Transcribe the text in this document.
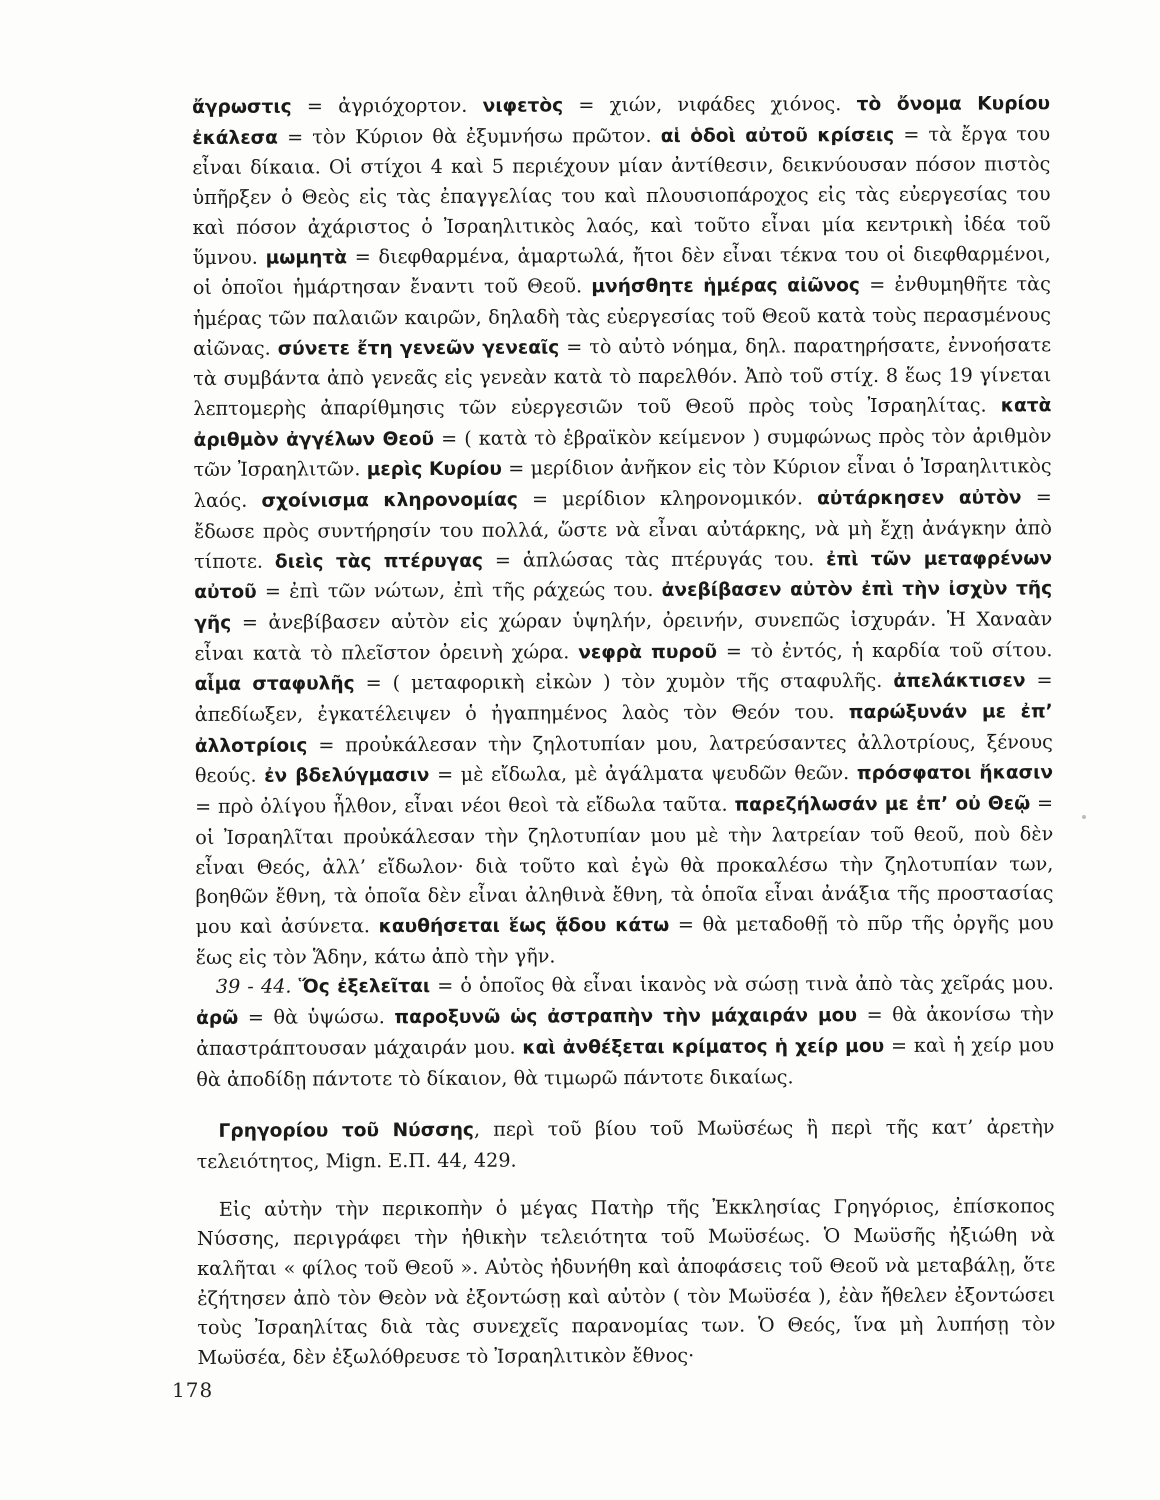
ἄγρωστις = ἀγριόχορτον. νιφετὸς = χιών, νιφάδες χιόνος. τὸ ὄνομα Κυρίου ἐκάλεσα = τὸν Κύριον θὰ ἐξυμνήσω πρῶτον. αἱ ὁδοὶ αὐτοῦ κρίσεις = τὰ ἔργα του εἶναι δίκαια. Οἱ στίχοι 4 καὶ 5 περιέχουν μίαν ἀντίθεσιν, δεικνύουσαν πόσον πιστὸς ὑπῆρξεν ὁ Θεὸς εἰς τὰς ἐπαγγελίας του καὶ πλουσιοπάροχος εἰς τὰς εὐεργεσίας του καὶ πόσον ἀχάριστος ὁ Ἰσραηλιτικὸς λαός, καὶ τοῦτο εἶναι μία κεντρικὴ ἰδέα τοῦ ὕμνου. μωμητὰ = διεφθαρμένα, ἁμαρτωλά, ἤτοι δὲν εἶναι τέκνα του οἱ διεφθαρμένοι, οἱ ὁποῖοι ἡμάρτησαν ἔναντι τοῦ Θεοῦ. μνήσθητε ἡμέρας αἰῶνος = ἐνθυμηθῆτε τὰς ἡμέρας τῶν παλαιῶν καιρῶν, δηλαδὴ τὰς εὐεργεσίας τοῦ Θεοῦ κατὰ τοὺς περασμένους αἰῶνας. σύνετε ἔτη γενεῶν γενεαῖς = τὸ αὐτὸ νόημα, δηλ. παρατηρήσατε, ἐννοήσατε τὰ συμβάντα ἀπὸ γενεᾶς εἰς γενεὰν κατὰ τὸ παρελθόν. Ἀπὸ τοῦ στίχ. 8 ἕως 19 γίνεται λεπτομερὴς ἀπαρίθμησις τῶν εὐεργεσιῶν τοῦ Θεοῦ πρὸς τοὺς Ἰσραηλίτας. κατὰ ἀριθμὸν ἀγγέλων Θεοῦ = ( κατὰ τὸ ἑβραϊκὸν κείμενον ) συμφώνως πρὸς τὸν ἀριθμὸν τῶν Ἰσραηλιτῶν. μερὶς Κυρίου = μερίδιον ἀνῆκον εἰς τὸν Κύριον εἶναι ὁ Ἰσραηλιτικὸς λαός. σχοίνισμα κληρονομίας = μερίδιον κληρονομικόν. αὐτάρκησεν αὐτὸν = ἔδωσε πρὸς συντήρησίν του πολλά, ὥστε νὰ εἶναι αὐτάρκης, νὰ μὴ ἔχῃ ἀνάγκην ἀπὸ τίποτε. διεὶς τὰς πτέρυγας = ἁπλώσας τὰς πτέρυγάς του. ἐπὶ τῶν μεταφρένων αὐτοῦ = ἐπὶ τῶν νώτων, ἐπὶ τῆς ράχεώς του. ἀνεβίβασεν αὐτὸν ἐπὶ τὴν ἰσχὺν τῆς γῆς = ἀνεβίβασεν αὐτὸν εἰς χώραν ὑψηλήν, ὀρεινήν, συνεπῶς ἰσχυράν. Ἡ Χαναὰν εἶναι κατὰ τὸ πλεῖστον ὀρεινὴ χώρα. νεφρὰ πυροῦ = τὸ ἐντός, ἡ καρδία τοῦ σίτου. αἷμα σταφυλῆς = ( μεταφορικὴ εἰκὼν ) τὸν χυμὸν τῆς σταφυλῆς. ἀπελάκτισεν = ἀπεδίωξεν, ἐγκατέλειψεν ὁ ἠγαπημένος λαὸς τὸν Θεόν του. παρώξυνάν με ἐπ’ ἀλλοτρίοις = προὐκάλεσαν τὴν ζηλοτυπίαν μου, λατρεύσαντες ἀλλοτρίους, ξένους θεούς. ἐν βδελύγμασιν = μὲ εἴδωλα, μὲ ἀγάλματα ψευδῶν θεῶν. πρόσφατοι ἥκασιν = πρὸ ὀλίγου ἦλθον, εἶναι νέοι θεοὶ τὰ εἴδωλα ταῦτα. παρεζήλωσάν με ἐπ’ οὐ Θεῷ = οἱ Ἰσραηλῖται προὐκάλεσαν τὴν ζηλοτυπίαν μου μὲ τὴν λατρείαν τοῦ θεοῦ, ποὺ δὲν εἶναι Θεός, ἀλλ’ εἴδωλον· διὰ τοῦτο καὶ ἐγὼ θὰ προκαλέσω τὴν ζηλοτυπίαν των, βοηθῶν ἔθνη, τὰ ὁποῖα δὲν εἶναι ἀληθινὰ ἔθνη, τὰ ὁποῖα εἶναι ἀνάξια τῆς προστασίας μου καὶ ἀσύνετα. καυθήσεται ἕως ᾅδου κάτω = θὰ μεταδοθῇ τὸ πῦρ τῆς ὀργῆς μου ἕως εἰς τὸν Ἅδην, κάτω ἀπὸ τὴν γῆν.

39 - 44. Ὅς ἐξελεῖται = ὁ ὁποῖος θὰ εἶναι ἱκανὸς νὰ σώσῃ τινὰ ἀπὸ τὰς χεῖράς μου. ἀρῶ = θὰ ὑψώσω. παροξυνῶ ὡς ἀστραπὴν τὴν μάχαιράν μου = θὰ ἀκονίσω τὴν ἀπαστράπτουσαν μάχαιράν μου. καὶ ἀνθέξεται κρίματος ἡ χείρ μου = καὶ ἡ χείρ μου θὰ ἀποδίδῃ πάντοτε τὸ δίκαιον, θὰ τιμωρῶ πάντοτε δικαίως.

Γρηγορίου τοῦ Νύσσης, περὶ τοῦ βίου τοῦ Μωϋσέως ἢ περὶ τῆς κατ’ ἀρετὴν τελειότητος, Mign. Ε.Π. 44, 429.

Εἰς αὐτὴν τὴν περικοπὴν ὁ μέγας Πατὴρ τῆς Ἐκκλησίας Γρηγόριος, ἐπίσκοπος Νύσσης, περιγράφει τὴν ἠθικὴν τελειότητα τοῦ Μωϋσέως. Ὁ Μωϋσῆς ἠξιώθη νὰ καλῆται « φίλος τοῦ Θεοῦ ». Αὐτὸς ἠδυνήθη καὶ ἀποφάσεις τοῦ Θεοῦ νὰ μεταβάλῃ, ὅτε ἐζήτησεν ἀπὸ τὸν Θεὸν νὰ ἐξοντώσῃ καὶ αὐτὸν ( τὸν Μωϋσέα ), ἐὰν ἤθελεν ἐξοντώσει τοὺς Ἰσραηλίτας διὰ τὰς συνεχεῖς παρανομίας των. Ὁ Θεός, ἵνα μὴ λυπήσῃ τὸν Μωϋσέα, δὲν ἐξωλόθρευσε τὸ Ἰσραηλιτικὸν ἔθνος·

178
